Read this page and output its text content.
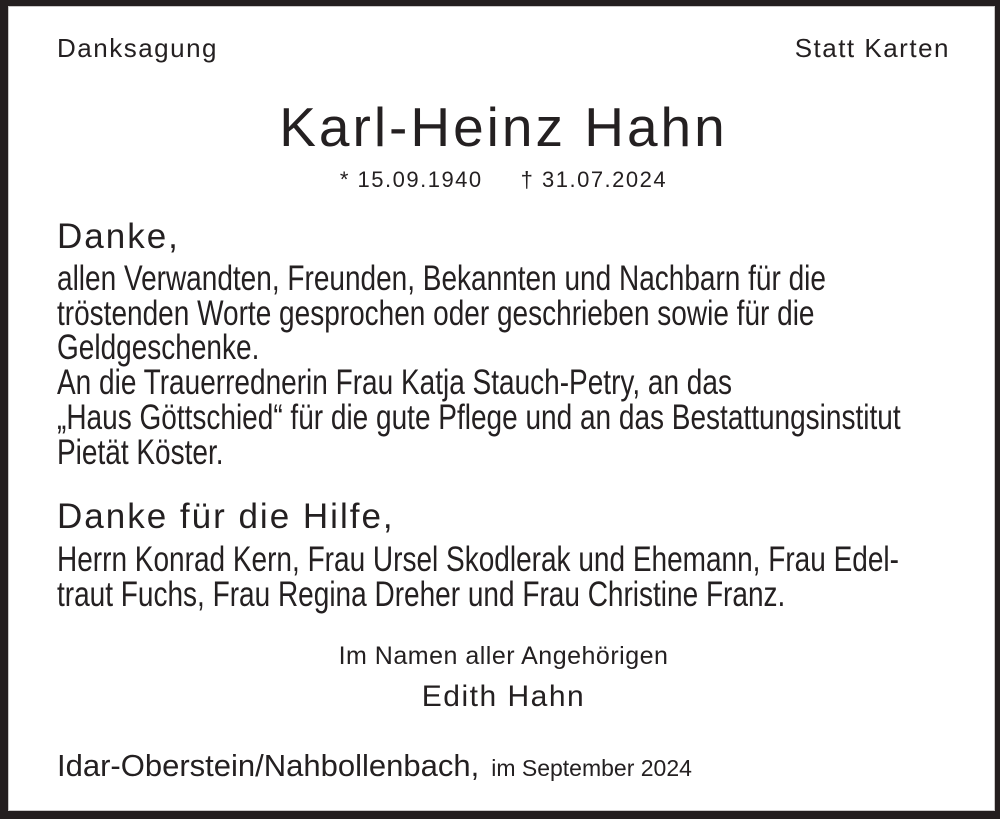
Danksagung	Statt Karten
Karl-Heinz Hahn
* 15.09.1940 † 31.07.2024
Danke,
allen Verwandten, Freunden, Bekannten und Nachbarn für die
tröstenden Worte gesprochen oder geschrieben sowie für die
Geldgeschenke.
An die Trauerrednerin Frau Katja Stauch-Petry, an das
„Haus Göttschied“ für die gute Pflege und an das Bestattungsinstitut
Pietät Köster.
Danke für die Hilfe,
Herrn Konrad Kern, Frau Ursel Skodlerak und Ehemann, Frau Edel-
traut Fuchs, Frau Regina Dreher und Frau Christine Franz.
Im Namen aller Angehörigen
Edith Hahn
Idar-Oberstein/Nahbollenbach, im September 2024
